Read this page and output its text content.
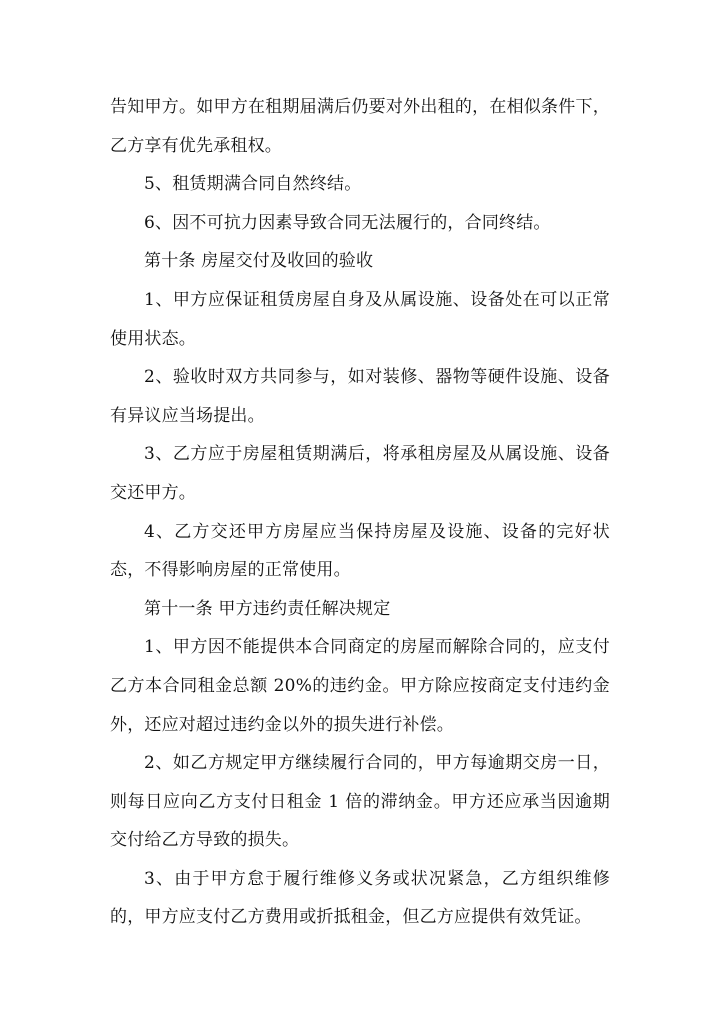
告知甲方。如甲方在租期届满后仍要对外出租的，在相似条件下，乙方享有优先承租权。

5、租赁期满合同自然终结。

6、因不可抗力因素导致合同无法履行的，合同终结。

第十条 房屋交付及收回的验收

1、甲方应保证租赁房屋自身及从属设施、设备处在可以正常使用状态。

2、验收时双方共同参与，如对装修、器物等硬件设施、设备有异议应当场提出。

3、乙方应于房屋租赁期满后，将承租房屋及从属设施、设备交还甲方。

4、乙方交还甲方房屋应当保持房屋及设施、设备的完好状态，不得影响房屋的正常使用。

第十一条 甲方违约责任解决规定

1、甲方因不能提供本合同商定的房屋而解除合同的，应支付乙方本合同租金总额 20%的违约金。甲方除应按商定支付违约金外，还应对超过违约金以外的损失进行补偿。

2、如乙方规定甲方继续履行合同的，甲方每逾期交房一日，则每日应向乙方支付日租金 1 倍的滞纳金。甲方还应承当因逾期交付给乙方导致的损失。

3、由于甲方怠于履行维修义务或状况紧急，乙方组织维修的，甲方应支付乙方费用或折抵租金，但乙方应提供有效凭证。
